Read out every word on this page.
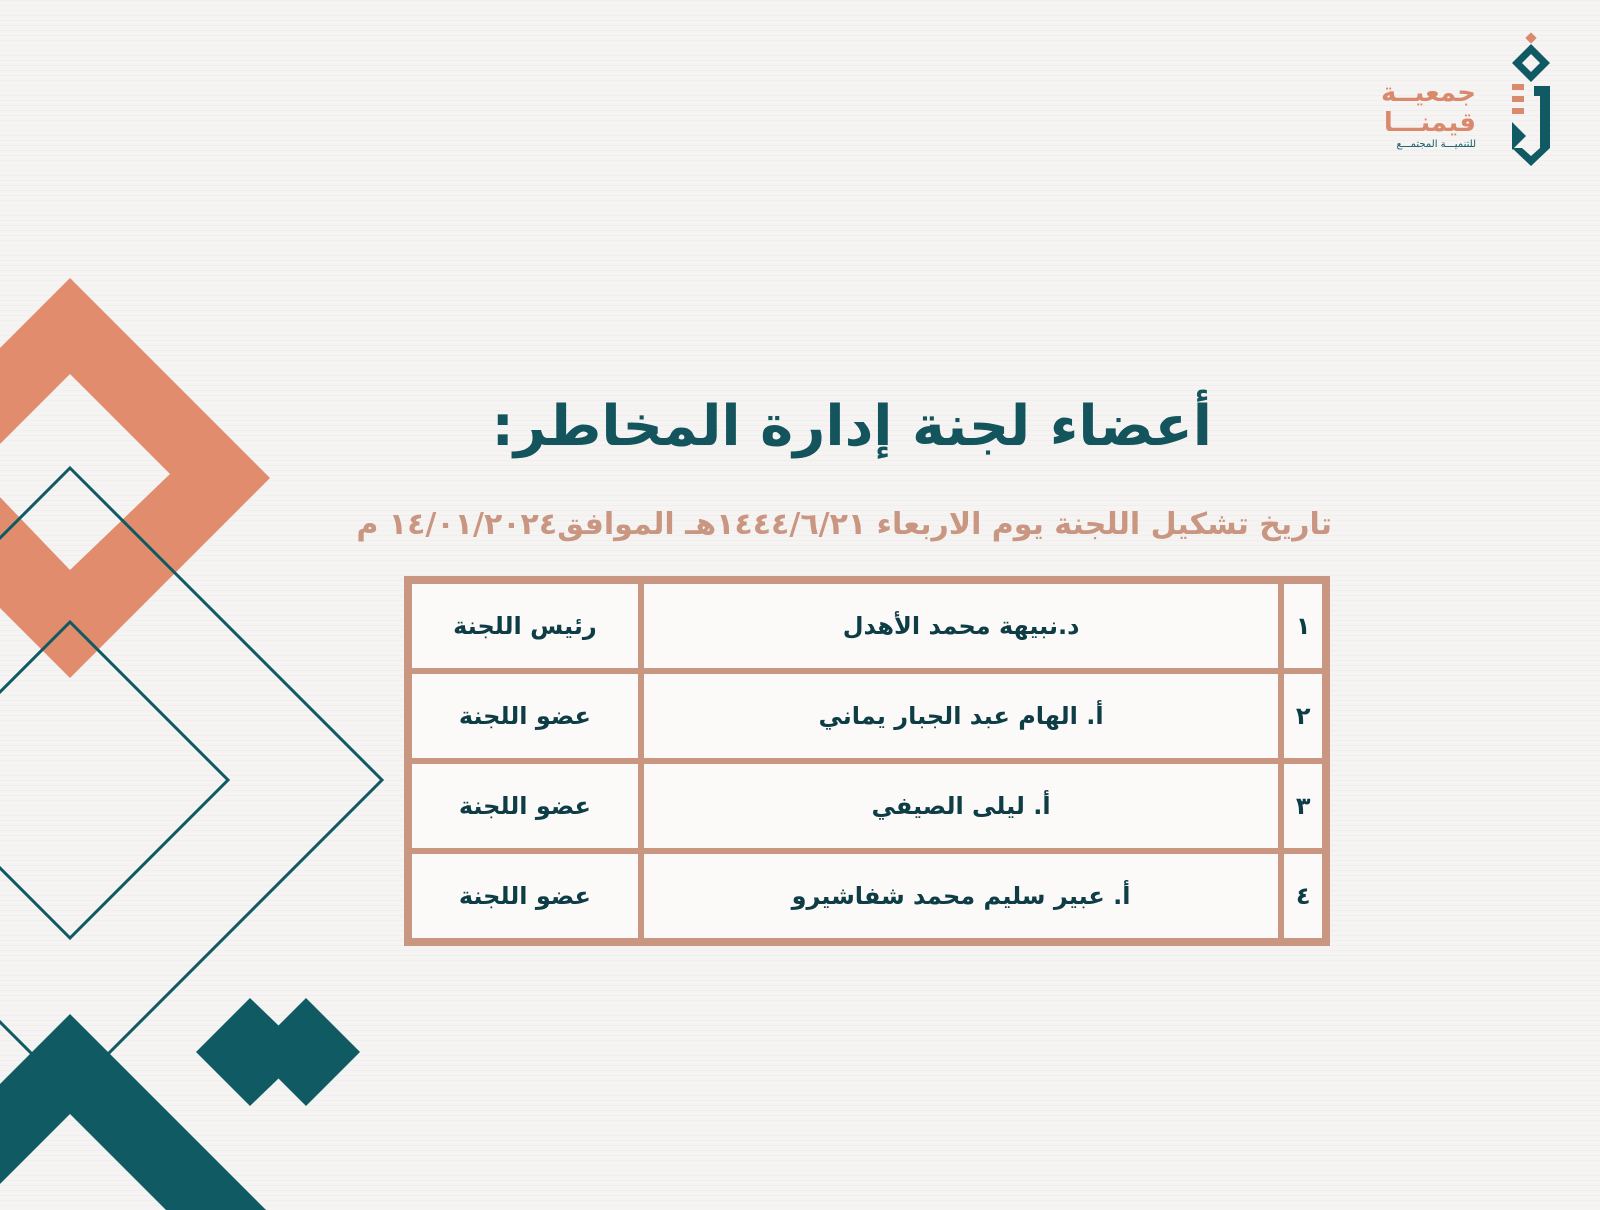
جمعيــة
قيمنـــا
للتنميـــة المجتمـــع
أعضاء لجنة إدارة المخاطر:
تاريخ تشكيل اللجنة يوم الاربعاء ١٤٤٤/٦/٢١هـ الموافق١٤/٠١/٢٠٢٤ م
١	د.نبيهة محمد الأهدل	رئيس اللجنة
٢	أ. الهام عبد الجبار يماني	عضو اللجنة
٣	أ. ليلى الصيفي	عضو اللجنة
٤	أ. عبير سليم محمد شفاشيرو	عضو اللجنة
